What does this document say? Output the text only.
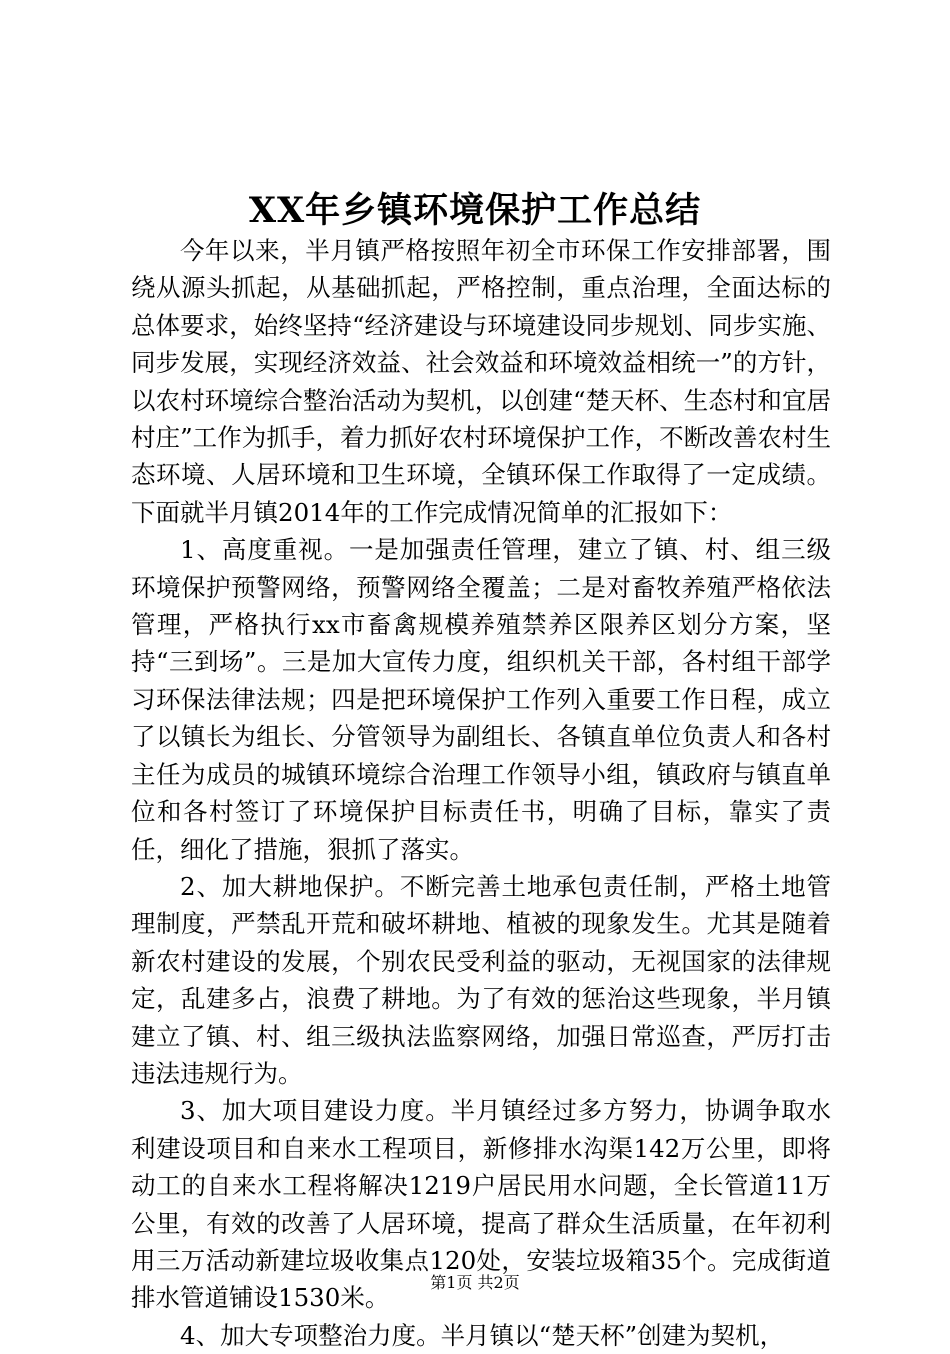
XX年乡镇环境保护工作总结

今年以来，半月镇严格按照年初全市环保工作安排部署，围绕从源头抓起，从基础抓起，严格控制，重点治理，全面达标的总体要求，始终坚持“经济建设与环境建设同步规划、同步实施、同步发展，实现经济效益、社会效益和环境效益相统一”的方针，以农村环境综合整治活动为契机，以创建“楚天杯、生态村和宜居村庄”工作为抓手，着力抓好农村环境保护工作，不断改善农村生态环境、人居环境和卫生环境，全镇环保工作取得了一定成绩。下面就半月镇2014年的工作完成情况简单的汇报如下：

1、高度重视。一是加强责任管理，建立了镇、村、组三级环境保护预警网络，预警网络全覆盖；二是对畜牧养殖严格依法管理，严格执行xx市畜禽规模养殖禁养区限养区划分方案，坚持“三到场”。三是加大宣传力度，组织机关干部，各村组干部学习环保法律法规；四是把环境保护工作列入重要工作日程，成立了以镇长为组长、分管领导为副组长、各镇直单位负责人和各村主任为成员的城镇环境综合治理工作领导小组，镇政府与镇直单位和各村签订了环境保护目标责任书，明确了目标，靠实了责任，细化了措施，狠抓了落实。

2、加大耕地保护。不断完善土地承包责任制，严格土地管理制度，严禁乱开荒和破坏耕地、植被的现象发生。尤其是随着新农村建设的发展，个别农民受利益的驱动，无视国家的法律规定，乱建多占，浪费了耕地。为了有效的惩治这些现象，半月镇建立了镇、村、组三级执法监察网络，加强日常巡查，严厉打击违法违规行为。

3、加大项目建设力度。半月镇经过多方努力，协调争取水利建设项目和自来水工程项目，新修排水沟渠142万公里，即将动工的自来水工程将解决1219户居民用水问题，全长管道11万公里，有效的改善了人居环境，提高了群众生活质量，在年初利用三万活动新建垃圾收集点120处，安装垃圾箱35个。完成街道排水管道铺设1530米。

4、加大专项整治力度。半月镇以“楚天杯”创建为契机，

第1页 共2页
